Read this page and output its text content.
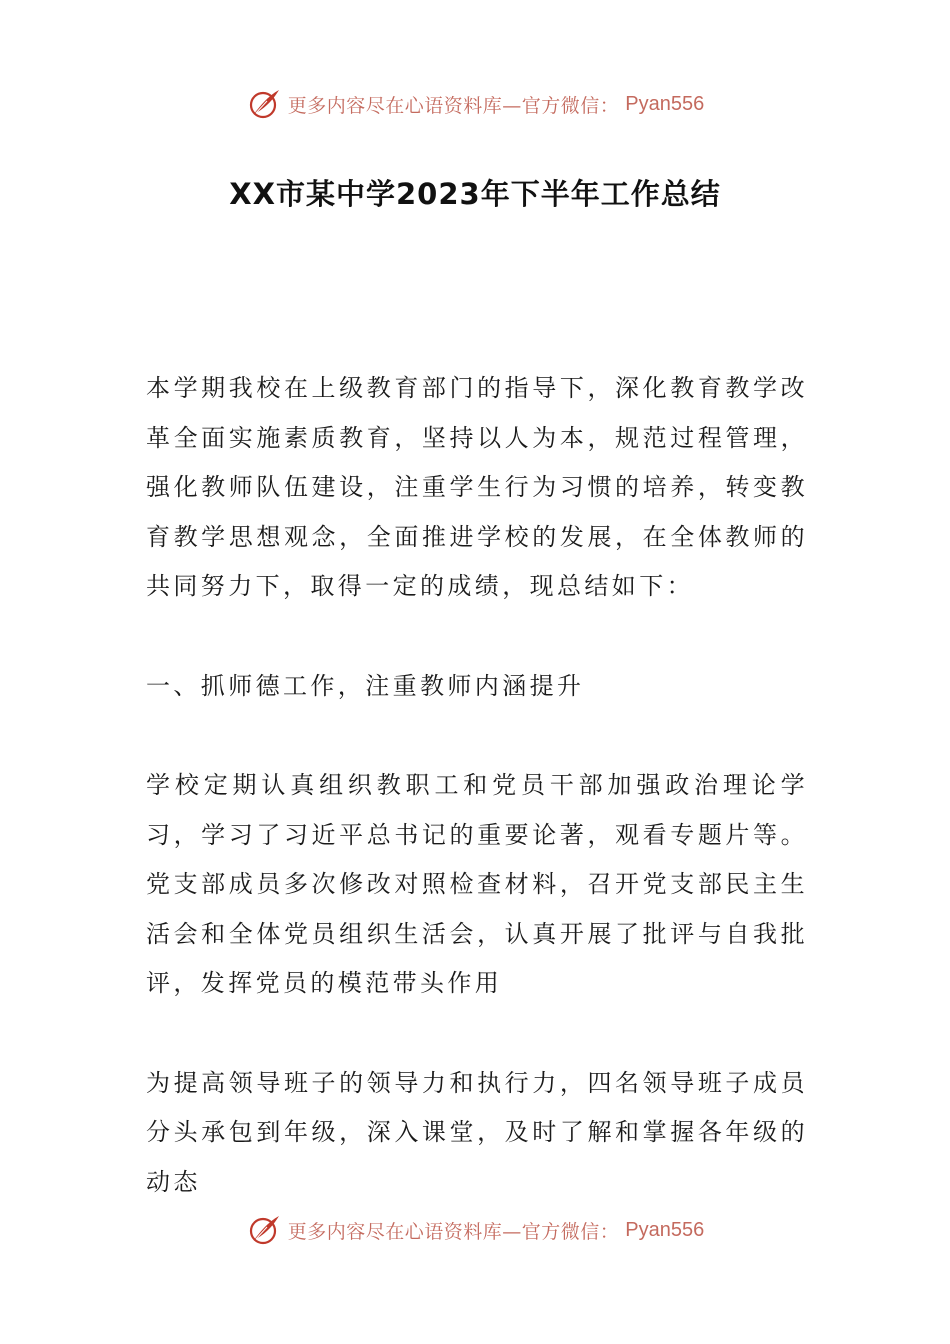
更多内容尽在心语资料库—官方微信： Pyan556
XX市某中学2023年下半年工作总结

本学期我校在上级教育部门的指导下，深化教育教学改革全面实施素质教育，坚持以人为本，规范过程管理，强化教师队伍建设，注重学生行为习惯的培养，转变教育教学思想观念，全面推进学校的发展，在全体教师的共同努力下，取得一定的成绩，现总结如下：

一、抓师德工作，注重教师内涵提升

学校定期认真组织教职工和党员干部加强政治理论学习，学习了习近平总书记的重要论著，观看专题片等。党支部成员多次修改对照检查材料，召开党支部民主生活会和全体党员组织生活会，认真开展了批评与自我批评，发挥党员的模范带头作用

为提高领导班子的领导力和执行力，四名领导班子成员分头承包到年级，深入课堂，及时了解和掌握各年级的动态

更多内容尽在心语资料库—官方微信： Pyan556
